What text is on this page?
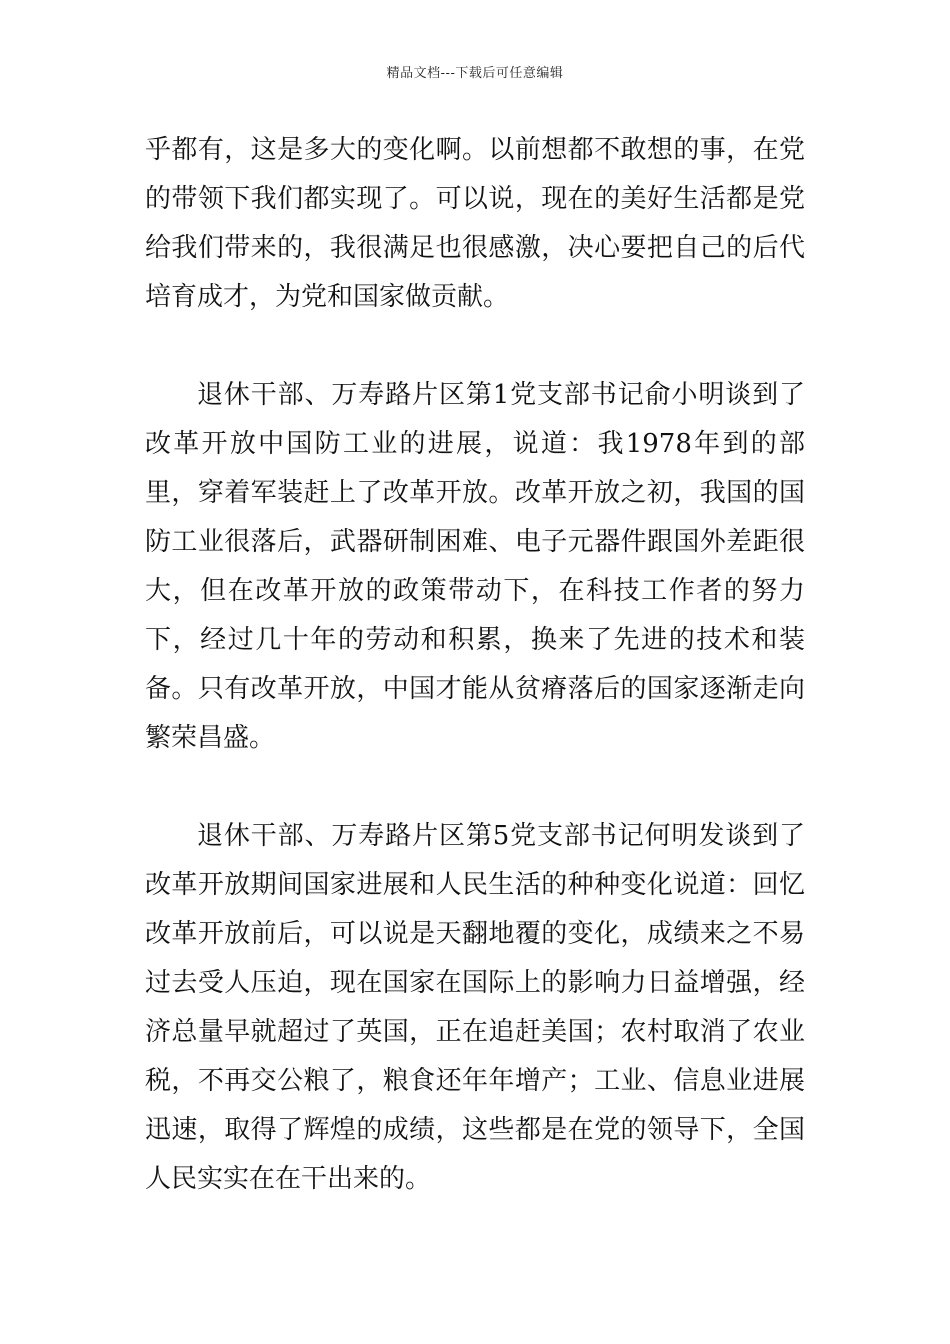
精品文档---下载后可任意编辑

乎都有，这是多大的变化啊。以前想都不敢想的事，在党的带领下我们都实现了。可以说，现在的美好生活都是党给我们带来的，我很满足也很感激，决心要把自己的后代培育成才，为党和国家做贡献。

退休干部、万寿路片区第1党支部书记俞小明谈到了改革开放中国防工业的进展，说道：我1978年到的部里，穿着军装赶上了改革开放。改革开放之初，我国的国防工业很落后，武器研制困难、电子元器件跟国外差距很大，但在改革开放的政策带动下，在科技工作者的努力下，经过几十年的劳动和积累，换来了先进的技术和装备。只有改革开放，中国才能从贫瘠落后的国家逐渐走向繁荣昌盛。

退休干部、万寿路片区第5党支部书记何明发谈到了改革开放期间国家进展和人民生活的种种变化说道：回忆改革开放前后，可以说是天翻地覆的变化，成绩来之不易过去受人压迫，现在国家在国际上的影响力日益增强，经济总量早就超过了英国，正在追赶美国；农村取消了农业税，不再交公粮了，粮食还年年增产；工业、信息业进展迅速，取得了辉煌的成绩，这些都是在党的领导下，全国人民实实在在干出来的。
